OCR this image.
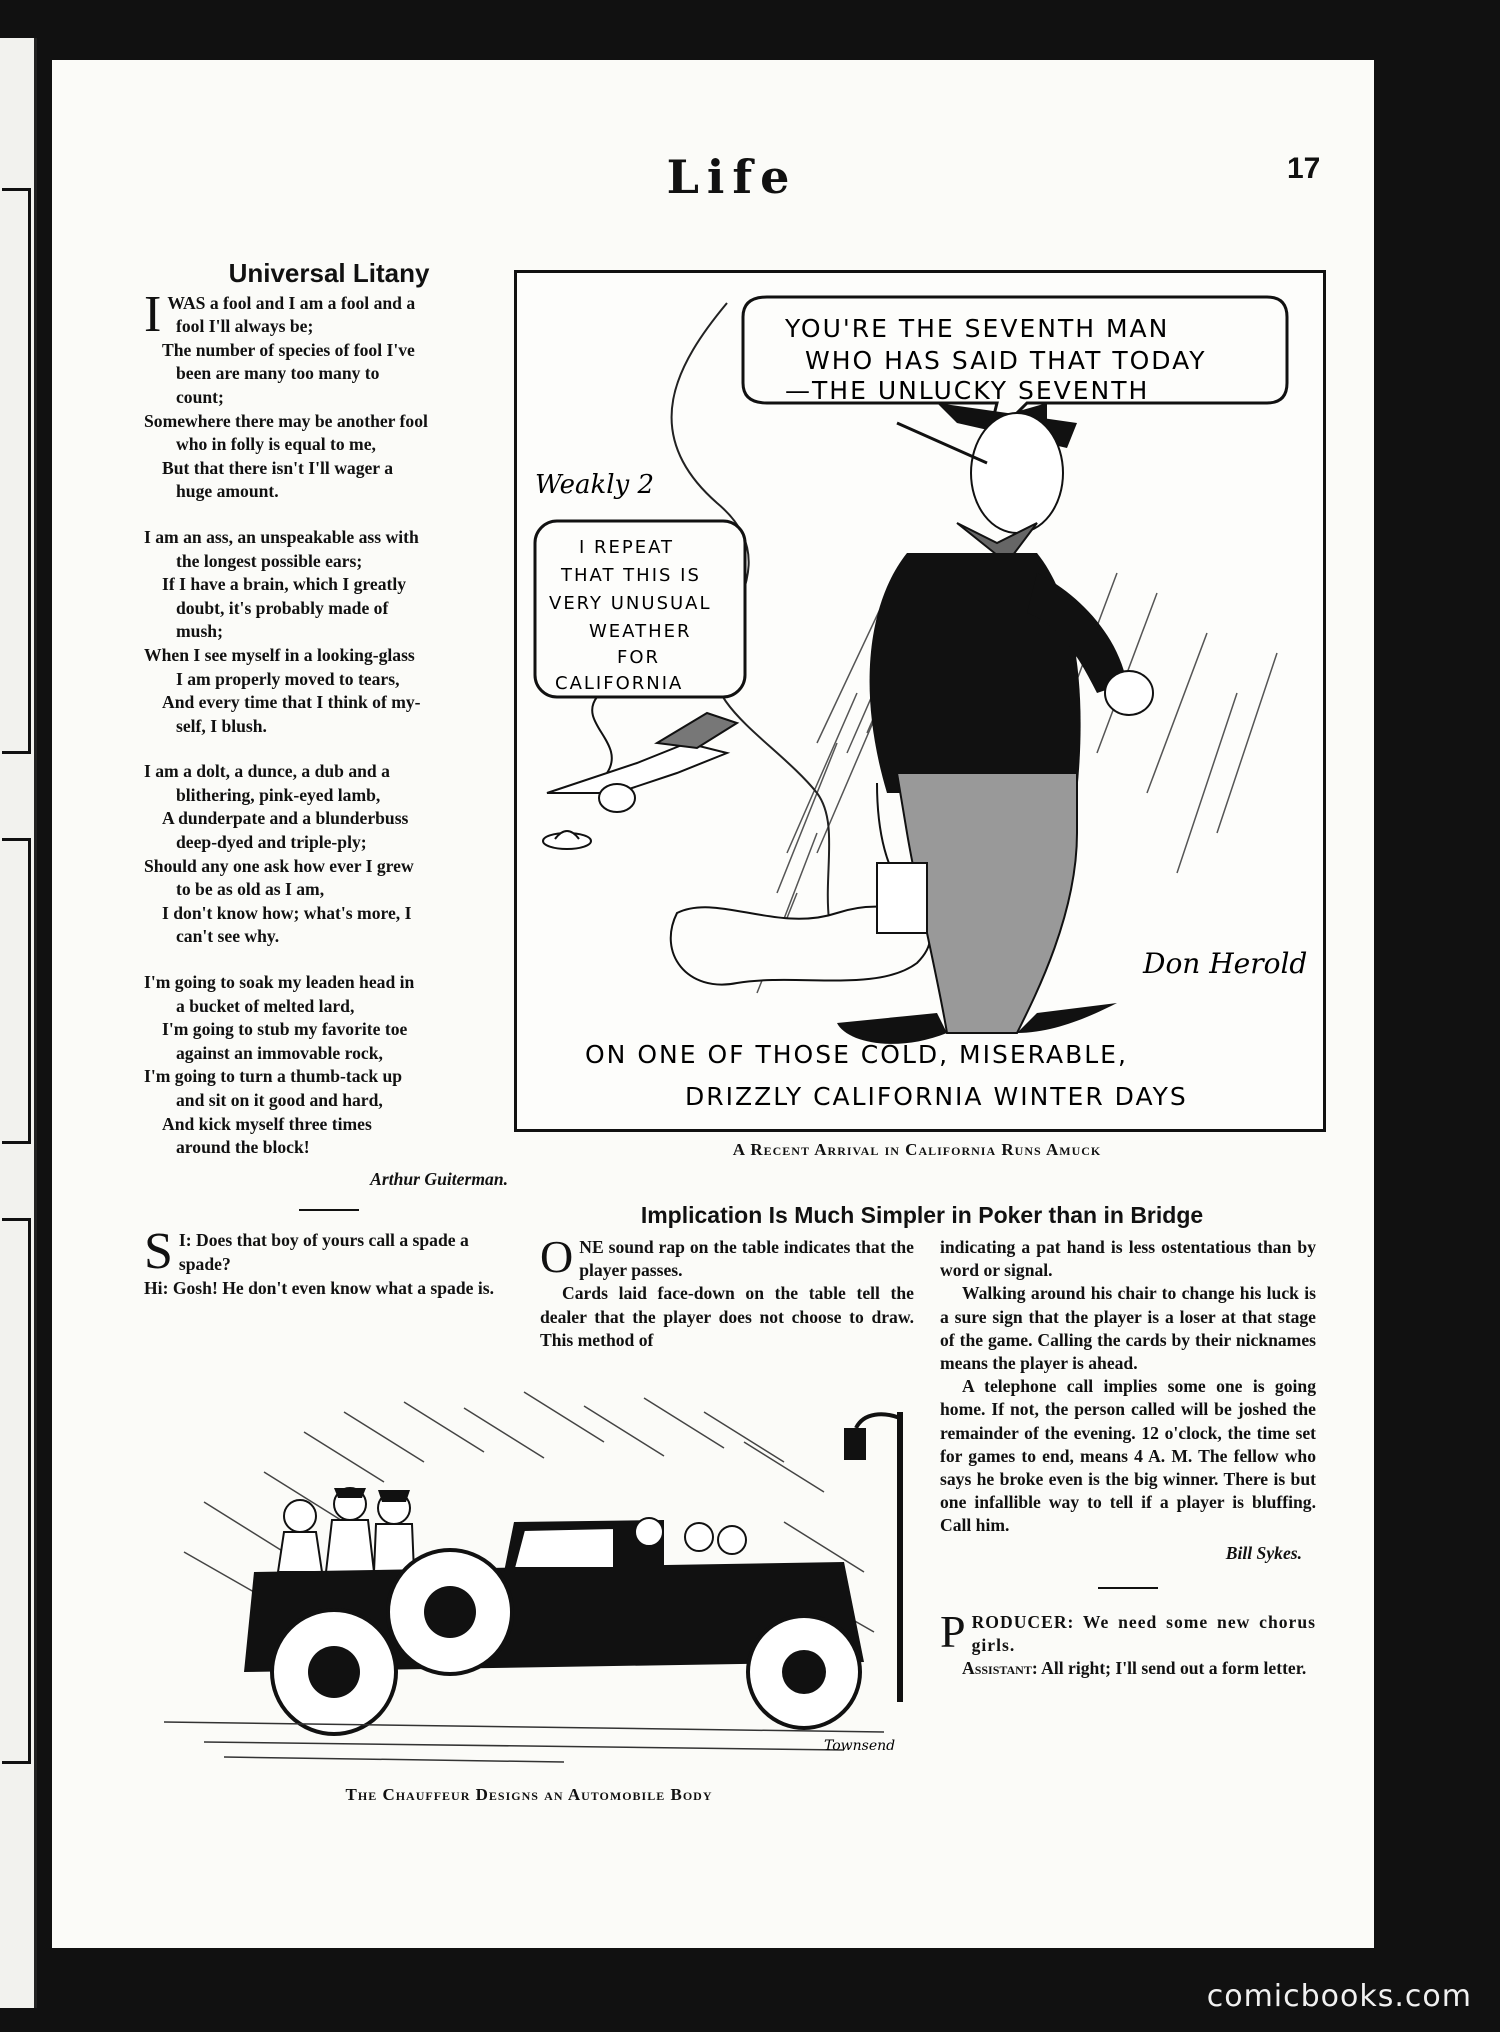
Life	17
Universal Litany
I WAS a fool and I am a fool and a

fool I'll always be;

The number of species of fool I've

been are many too many to

count;

Somewhere there may be another fool

who in folly is equal to me,

But that there isn't I'll wager a

huge amount.

I am an ass, an unspeakable ass with

the longest possible ears;

If I have a brain, which I greatly

doubt, it's probably made of

mush;

When I see myself in a looking-glass

I am properly moved to tears,

And every time that I think of my-

self, I blush.

I am a dolt, a dunce, a dub and a

blithering, pink-eyed lamb,

A dunderpate and a blunderbuss

deep-dyed and triple-ply;

Should any one ask how ever I grew

to be as old as I am,

I don't know how; what's more, I

can't see why.

I'm going to soak my leaden head in

a bucket of melted lard,

I'm going to stub my favorite toe

against an immovable rock,

I'm going to turn a thumb-tack up

and sit on it good and hard,

And kick myself three times

around the block!

Arthur Guiterman.

S I: Does that boy of yours call a spade a spade?

Hi: Gosh! He don't even know what a spade is.

YOU'RE THE SEVENTH MAN
WHO HAS SAID THAT TODAY
—THE UNLUCKY SEVENTH
Weakly 2
I REPEAT
THAT THIS IS
VERY UNUSUAL
WEATHER
FOR
CALIFORNIA
Don Herold
ON ONE OF THOSE COLD, MISERABLE,
DRIZZLY CALIFORNIA WINTER DAYS
A Recent Arrival in California Runs Amuck
Implication Is Much Simpler in Poker than in Bridge
O NE sound rap on the table indicates that the player passes.

Cards laid face-down on the table tell the dealer that the player does not choose to draw. This method of

indicating a pat hand is less ostentatious than by word or signal.

Walking around his chair to change his luck is a sure sign that the player is a loser at that stage of the game. Calling the cards by their nicknames means the player is ahead.

A telephone call implies some one is going home. If not, the person called will be joshed the remainder of the evening. 12 o'clock, the time set for games to end, means 4 A. M. The fellow who says he broke even is the big winner. There is but one infallible way to tell if a player is bluffing. Call him.

Bill Sykes.

P RODUCER: We need some new chorus girls.

Assistant: All right; I'll send out a form letter.

Townsend
The Chauffeur Designs an Automobile Body
comicbooks.com
